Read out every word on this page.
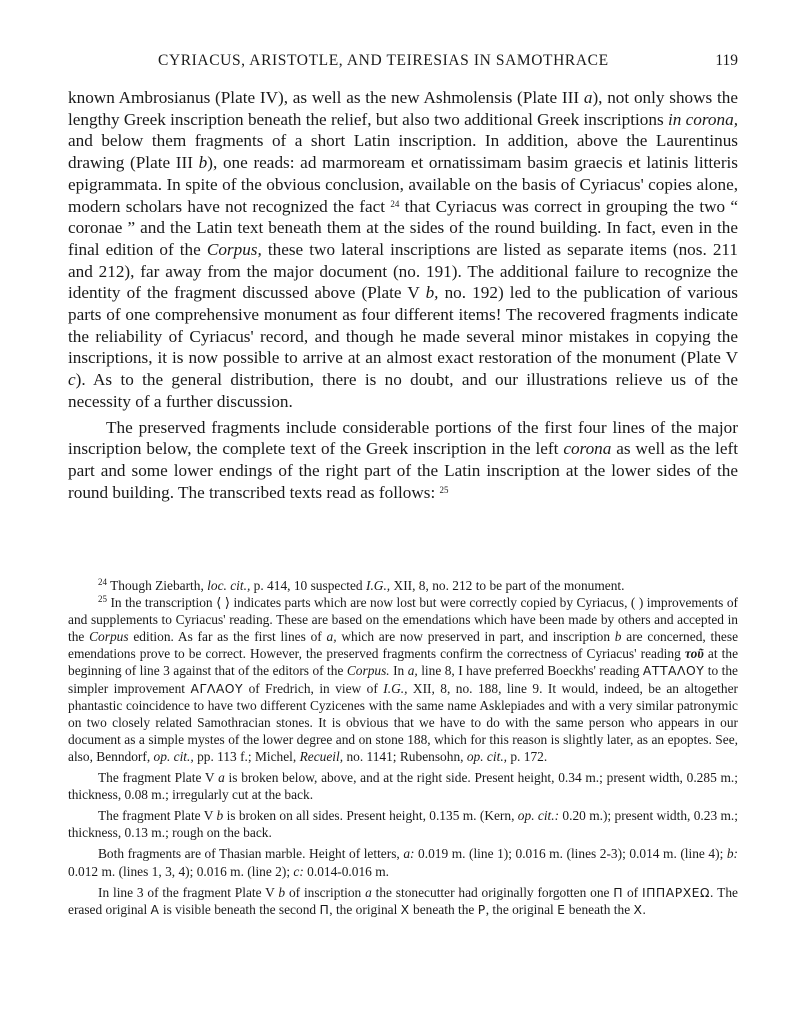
CYRIACUS, ARISTOTLE, AND TEIRESIAS IN SAMOTHRACE	119

known Ambrosianus (Plate IV), as well as the new Ashmolensis (Plate III a), not only shows the lengthy Greek inscription beneath the relief, but also two additional Greek inscriptions in corona, and below them fragments of a short Latin inscription. In addition, above the Laurentinus drawing (Plate III b), one reads: ad marmoream et ornatissimam basim graecis et latinis litteris epigrammata. In spite of the obvious conclusion, available on the basis of Cyriacus' copies alone, modern scholars have not recognized the fact $^{24}$ that Cyriacus was correct in grouping the two “ coronae ” and the Latin text beneath them at the sides of the round building. In fact, even in the final edition of the Corpus, these two lateral inscriptions are listed as separate items (nos. 211 and 212), far away from the major document (no. 191). The additional failure to recognize the identity of the fragment discussed above (Plate V b, no. 192) led to the publication of various parts of one comprehensive monument as four different items! The recovered fragments indicate the reliability of Cyriacus' record, and though he made several minor mistakes in copying the inscriptions, it is now possible to arrive at an almost exact restoration of the monument (Plate V c). As to the general distribution, there is no doubt, and our illustrations relieve us of the necessity of a further discussion.

The preserved fragments include considerable portions of the first four lines of the major inscription below, the complete text of the Greek inscription in the left corona as well as the left part and some lower endings of the right part of the Latin inscription at the lower sides of the round building. The transcribed texts read as follows: $^{25}$

$^{24}$ Though Ziebarth, loc. cit., p. 414, 10 suspected I.G., XII, 8, no. 212 to be part of the monument.

$^{25}$ In the transcription ⟨ ⟩ indicates parts which are now lost but were correctly copied by Cyriacus, ( ) improvements of and supplements to Cyriacus' reading. These are based on the emendations which have been made by others and accepted in the Corpus edition. As far as the first lines of a, which are now preserved in part, and inscription b are concerned, these emendations prove to be correct. However, the preserved fragments confirm the correctness of Cyriacus' reading τοῦ at the beginning of line 3 against that of the editors of the Corpus. In a, line 8, I have preferred Boeckhs' reading ΑΤΤΑΛΟΥ to the simpler improvement ΑΓΛΑΟΥ of Fredrich, in view of I.G., XII, 8, no. 188, line 9. It would, indeed, be an altogether phantastic coincidence to have two different Cyzicenes with the same name Asklepiades and with a very similar patronymic on two closely related Samothracian stones. It is obvious that we have to do with the same person who appears in our document as a simple mystes of the lower degree and on stone 188, which for this reason is slightly later, as an epoptes. See, also, Benndorf, op. cit., pp. 113 f.; Michel, Recueil, no. 1141; Rubensohn, op. cit., p. 172.

The fragment Plate V a is broken below, above, and at the right side. Present height, 0.34 m.; present width, 0.285 m.; thickness, 0.08 m.; irregularly cut at the back.

The fragment Plate V b is broken on all sides. Present height, 0.135 m. (Kern, op. cit.: 0.20 m.); present width, 0.23 m.; thickness, 0.13 m.; rough on the back.

Both fragments are of Thasian marble. Height of letters, a: 0.019 m. (line 1); 0.016 m. (lines 2-3); 0.014 m. (line 4); b: 0.012 m. (lines 1, 3, 4); 0.016 m. (line 2); c: 0.014-0.016 m.

In line 3 of the fragment Plate V b of inscription a the stonecutter had originally forgotten one Π of ΙΠΠΑΡΧΕΩ. The erased original Α is visible beneath the second Π, the original Χ beneath the Ρ, the original Ε beneath the Χ.
